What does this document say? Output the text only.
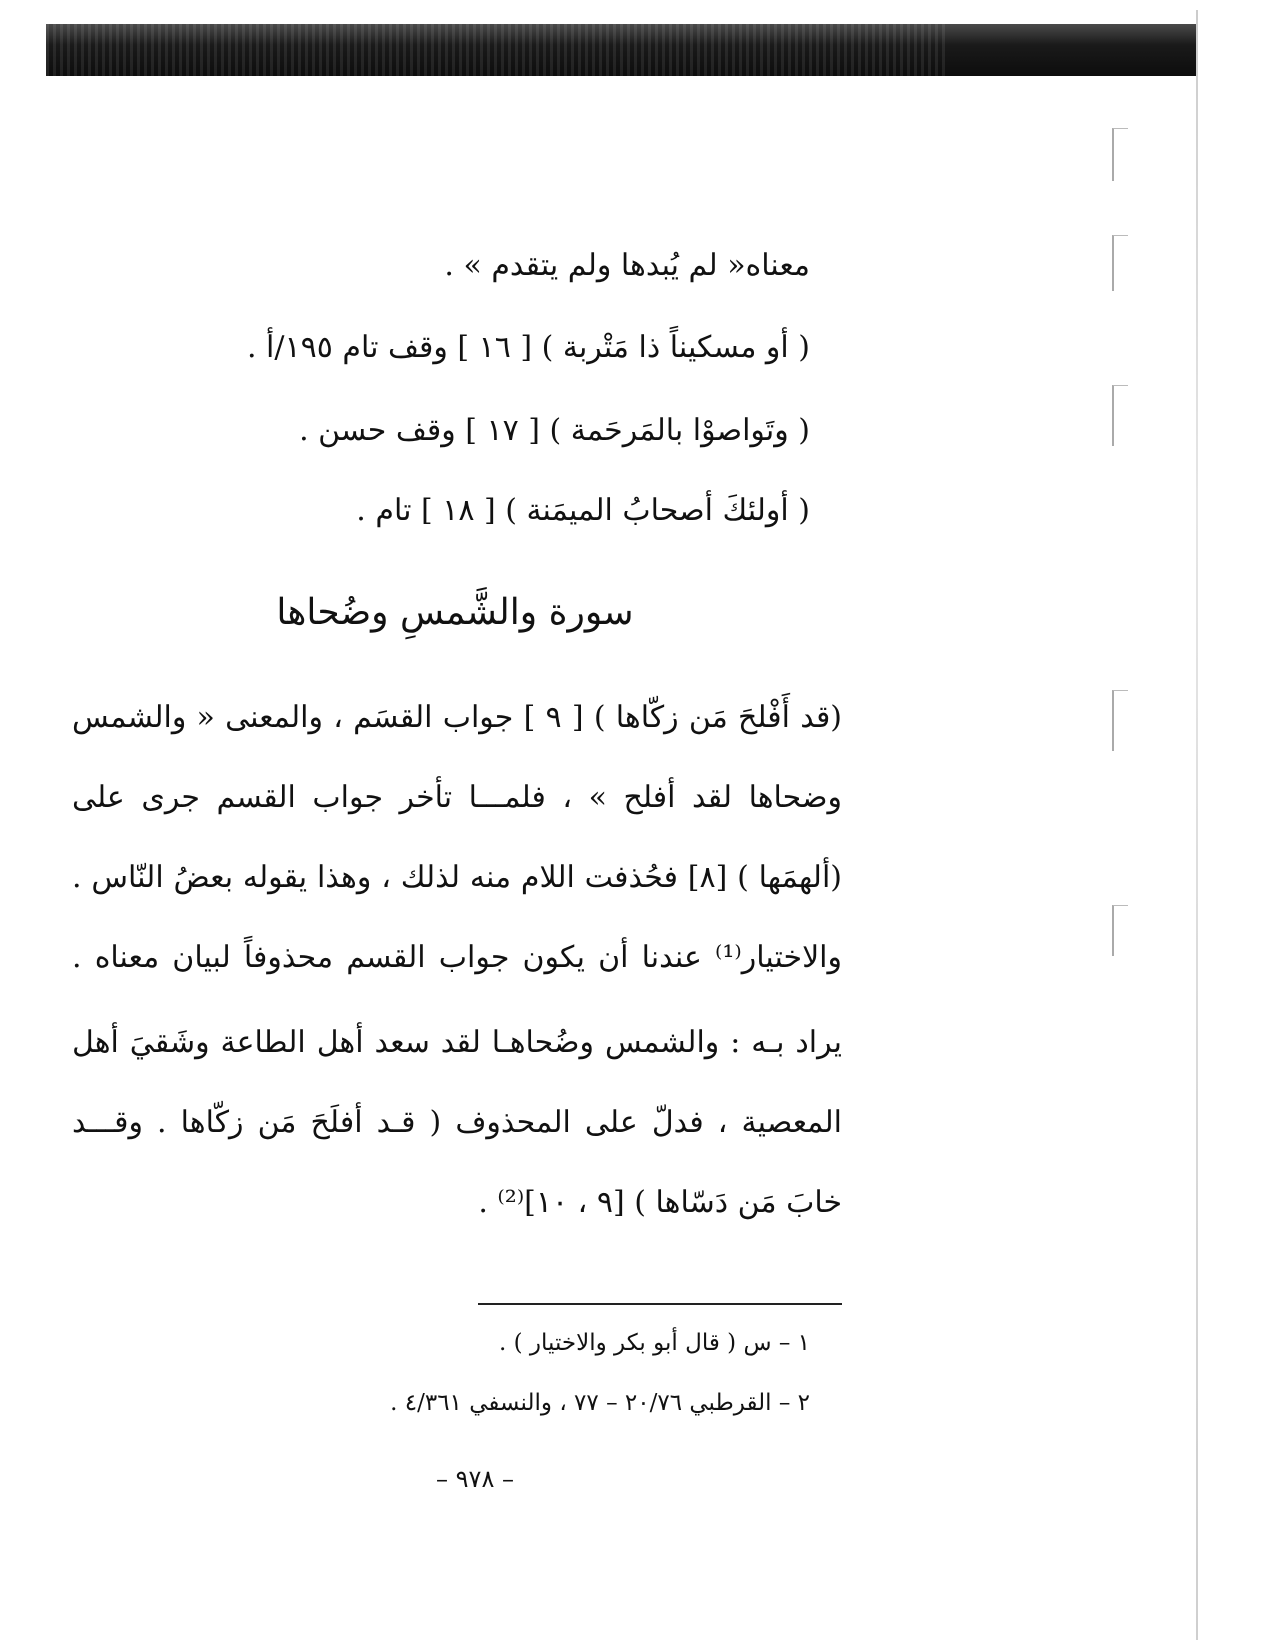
معناه« لم يُبدها ولم يتقدم » .
( أو مسكيناً ذا مَتْربة ) [ ١٦ ] وقف تام ١٩٥/أ .
( وتَواصوْا بالمَرحَمة ) [ ١٧ ] وقف حسن .
( أولئكَ أصحابُ الميمَنة ) [ ١٨ ] تام .
سورة والشَّمسِ وضُحاها
(قد أَفْلحَ مَن زكّاها ) [ ٩ ] جواب القسَم ، والمعنى « والشمس
وضحاها لقد أفلح » ، فلمـــا تأخر جواب القسم جرى على
(ألهمَها ) [٨] فحُذفت اللام منه لذلك ، وهذا يقوله بعضُ النّاس .
والاختيار⁽¹⁾ عندنا أن يكون جواب القسم محذوفاً لبيان معناه .
يراد بـه : والشمس وضُحاهـا لقد سعد أهل الطاعة وشَقيَ أهل
المعصية ، فدلّ على المحذوف ( قـد أفلَحَ مَن زكّاها . وقـــد
خابَ مَن دَسّاها ) [٩ ، ١٠]⁽²⁾ .
١ – س ( قال أبو بكر والاختيار ) .
٢ – القرطبي ٢٠/٧٦ – ٧٧ ، والنسفي ٤/٣٦١ .
– ٩٧٨ –
